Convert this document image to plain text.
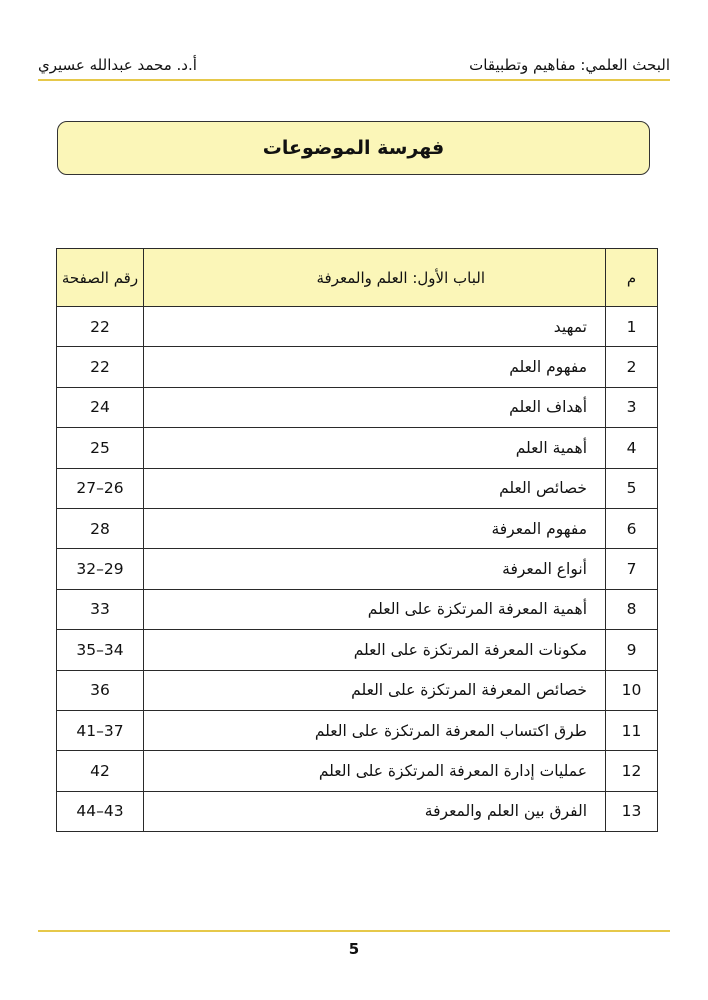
البحث العلمي: مفاهيم وتطبيقات
أ.د. محمد عبدالله عسيري
فهرسة الموضوعات
م	الباب الأول: العلم والمعرفة	رقم الصفحة
1	تمهيد	22
2	مفهوم العلم	22
3	أهداف العلم	24
4	أهمية العلم	25
5	خصائص العلم	27–26
6	مفهوم المعرفة	28
7	أنواع المعرفة	32–29
8	أهمية المعرفة المرتكزة على العلم	33
9	مكونات المعرفة المرتكزة على العلم	35–34
10	خصائص المعرفة المرتكزة على العلم	36
11	طرق اكتساب المعرفة المرتكزة على العلم	41–37
12	عمليات إدارة المعرفة المرتكزة على العلم	42
13	الفرق بين العلم والمعرفة	44–43
5
